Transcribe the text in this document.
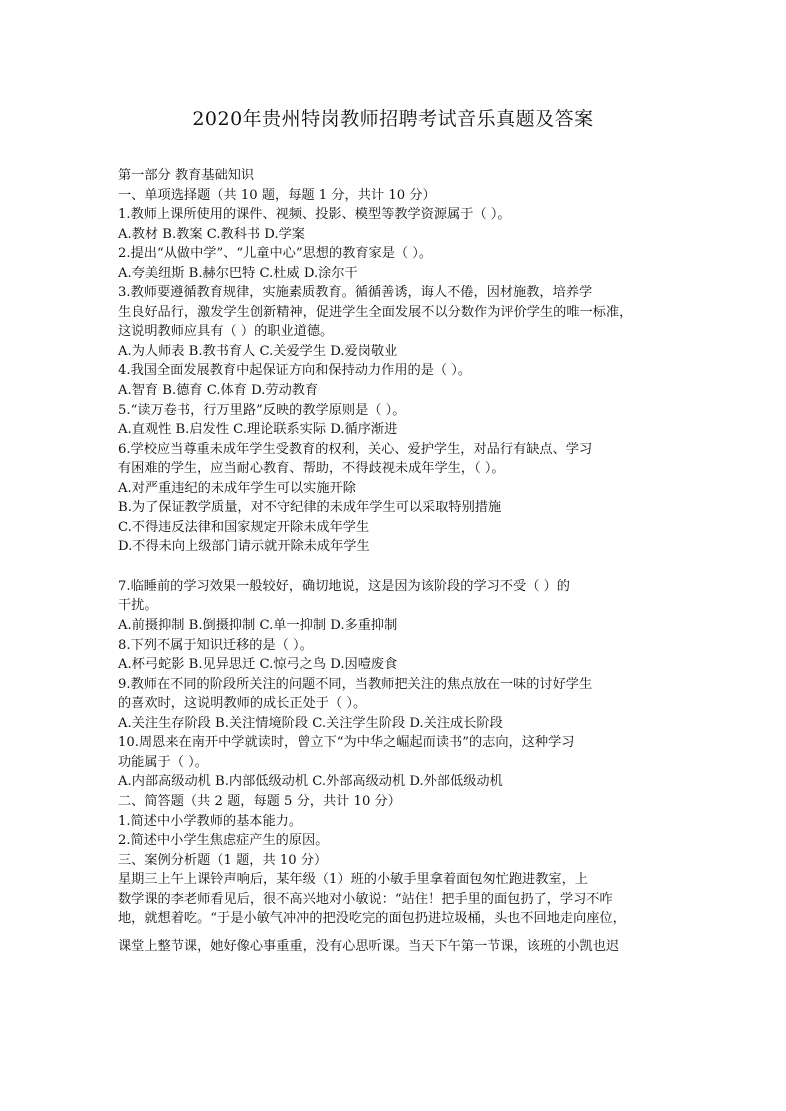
2020年贵州特岗教师招聘考试音乐真题及答案
第一部分 教育基础知识
一、单项选择题（共 10 题，每题 1 分，共计 10 分）
1.教师上课所使用的课件、视频、投影、模型等教学资源属于（ ）。
A.教材 B.教案 C.教科书 D.学案
2.提出“从做中学”、“儿童中心”思想的教育家是（ ）。
A.夸美纽斯 B.赫尔巴特 C.杜威 D.涂尔干
3.教师要遵循教育规律，实施素质教育。循循善诱，诲人不倦，因材施教，培养学
生良好品行，激发学生创新精神，促进学生全面发展不以分数作为评价学生的唯一标准，
这说明教师应具有（ ）的职业道德。
A.为人师表 B.教书育人 C.关爱学生 D.爱岗敬业
4.我国全面发展教育中起保证方向和保持动力作用的是（ ）。
A.智育 B.德育 C.体育 D.劳动教育
5.“读万卷书，行万里路”反映的教学原则是（ ）。
A.直观性 B.启发性 C.理论联系实际 D.循序渐进
6.学校应当尊重未成年学生受教育的权利，关心、爱护学生，对品行有缺点、学习
有困难的学生，应当耐心教育、帮助，不得歧视未成年学生，（ ）。
A.对严重违纪的未成年学生可以实施开除
B.为了保证教学质量，对不守纪律的未成年学生可以采取特别措施
C.不得违反法律和国家规定开除未成年学生
D.不得未向上级部门请示就开除未成年学生
7.临睡前的学习效果一般较好，确切地说，这是因为该阶段的学习不受（ ）的
干扰。
A.前摄抑制 B.倒摄抑制 C.单一抑制 D.多重抑制
8.下列不属于知识迁移的是（ ）。
A.杯弓蛇影 B.见异思迁 C.惊弓之鸟 D.因噎废食
9.教师在不同的阶段所关注的问题不同，当教师把关注的焦点放在一味的讨好学生
的喜欢时，这说明教师的成长正处于（ ）。
A.关注生存阶段 B.关注情境阶段 C.关注学生阶段 D.关注成长阶段
10.周恩来在南开中学就读时，曾立下“为中华之崛起而读书”的志向，这种学习
功能属于（ ）。
A.内部高级动机 B.内部低级动机 C.外部高级动机 D.外部低级动机
二、简答题（共 2 题，每题 5 分，共计 10 分）
1.简述中小学教师的基本能力。
2.简述中小学生焦虑症产生的原因。
三、案例分析题（1 题，共 10 分）
星期三上午上课铃声响后，某年级（1）班的小敏手里拿着面包匆忙跑进教室，上
数学课的李老师看见后，很不高兴地对小敏说：“站住！把手里的面包扔了，学习不咋
地，就想着吃。“于是小敏气冲冲的把没吃完的面包扔进垃圾桶，头也不回地走向座位，
课堂上整节课，她好像心事重重，没有心思听课。当天下午第一节课，该班的小凯也迟
